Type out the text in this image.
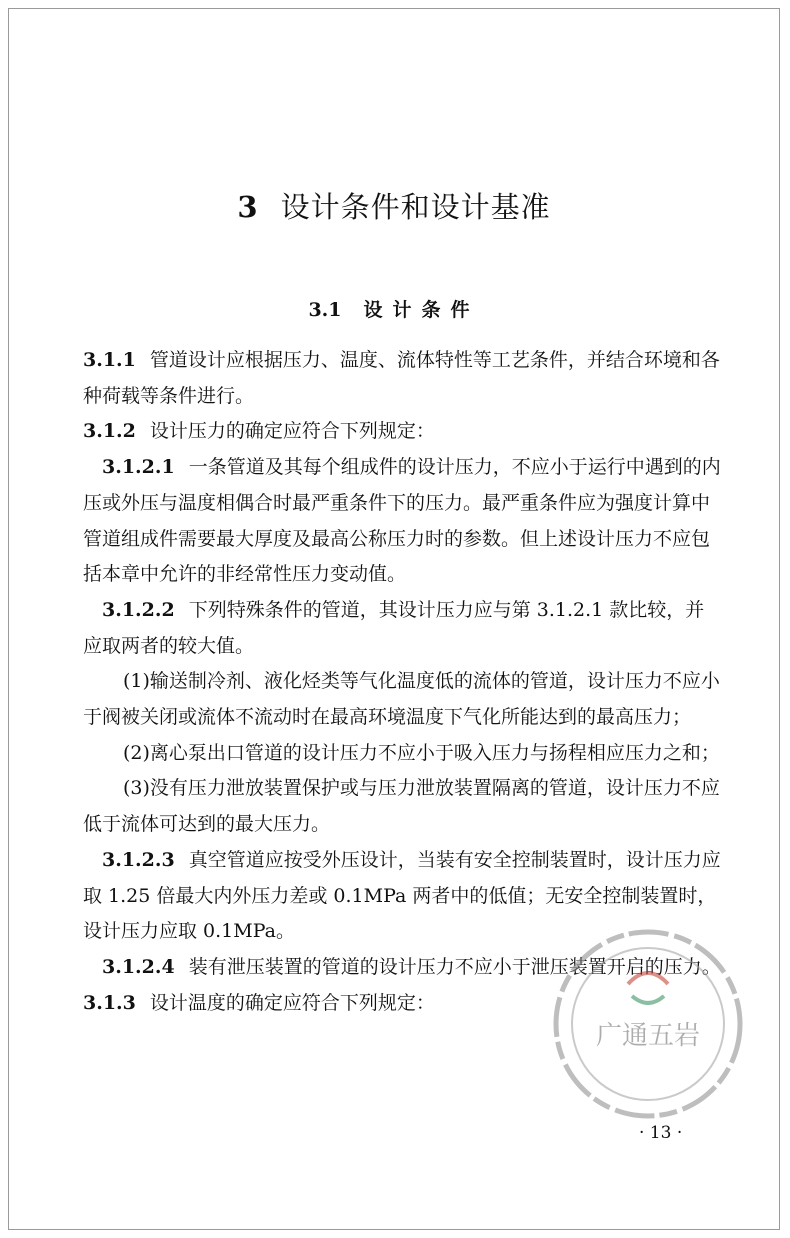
3 设计条件和设计基准
3.1 设计条件

3.1.1 管道设计应根据压力、温度、流体特性等工艺条件，并结合环境和各种荷载等条件进行。

3.1.2 设计压力的确定应符合下列规定：

3.1.2.1 一条管道及其每个组成件的设计压力，不应小于运行中遇到的内压或外压与温度相偶合时最严重条件下的压力。最严重条件应为强度计算中管道组成件需要最大厚度及最高公称压力时的参数。但上述设计压力不应包括本章中允许的非经常性压力变动值。

3.1.2.2 下列特殊条件的管道，其设计压力应与第 3.1.2.1 款比较，并应取两者的较大值。

(1)输送制冷剂、液化烃类等气化温度低的流体的管道，设计压力不应小于阀被关闭或流体不流动时在最高环境温度下气化所能达到的最高压力；

(2)离心泵出口管道的设计压力不应小于吸入压力与扬程相应压力之和；

(3)没有压力泄放装置保护或与压力泄放装置隔离的管道，设计压力不应低于流体可达到的最大压力。

3.1.2.3 真空管道应按受外压设计，当装有安全控制装置时，设计压力应取 1.25 倍最大内外压力差或 0.1MPa 两者中的低值；无安全控制装置时，设计压力应取 0.1MPa。

3.1.2.4 装有泄压装置的管道的设计压力不应小于泄压装置开启的压力。

3.1.3 设计温度的确定应符合下列规定：

· 13 ·
广通五岩
